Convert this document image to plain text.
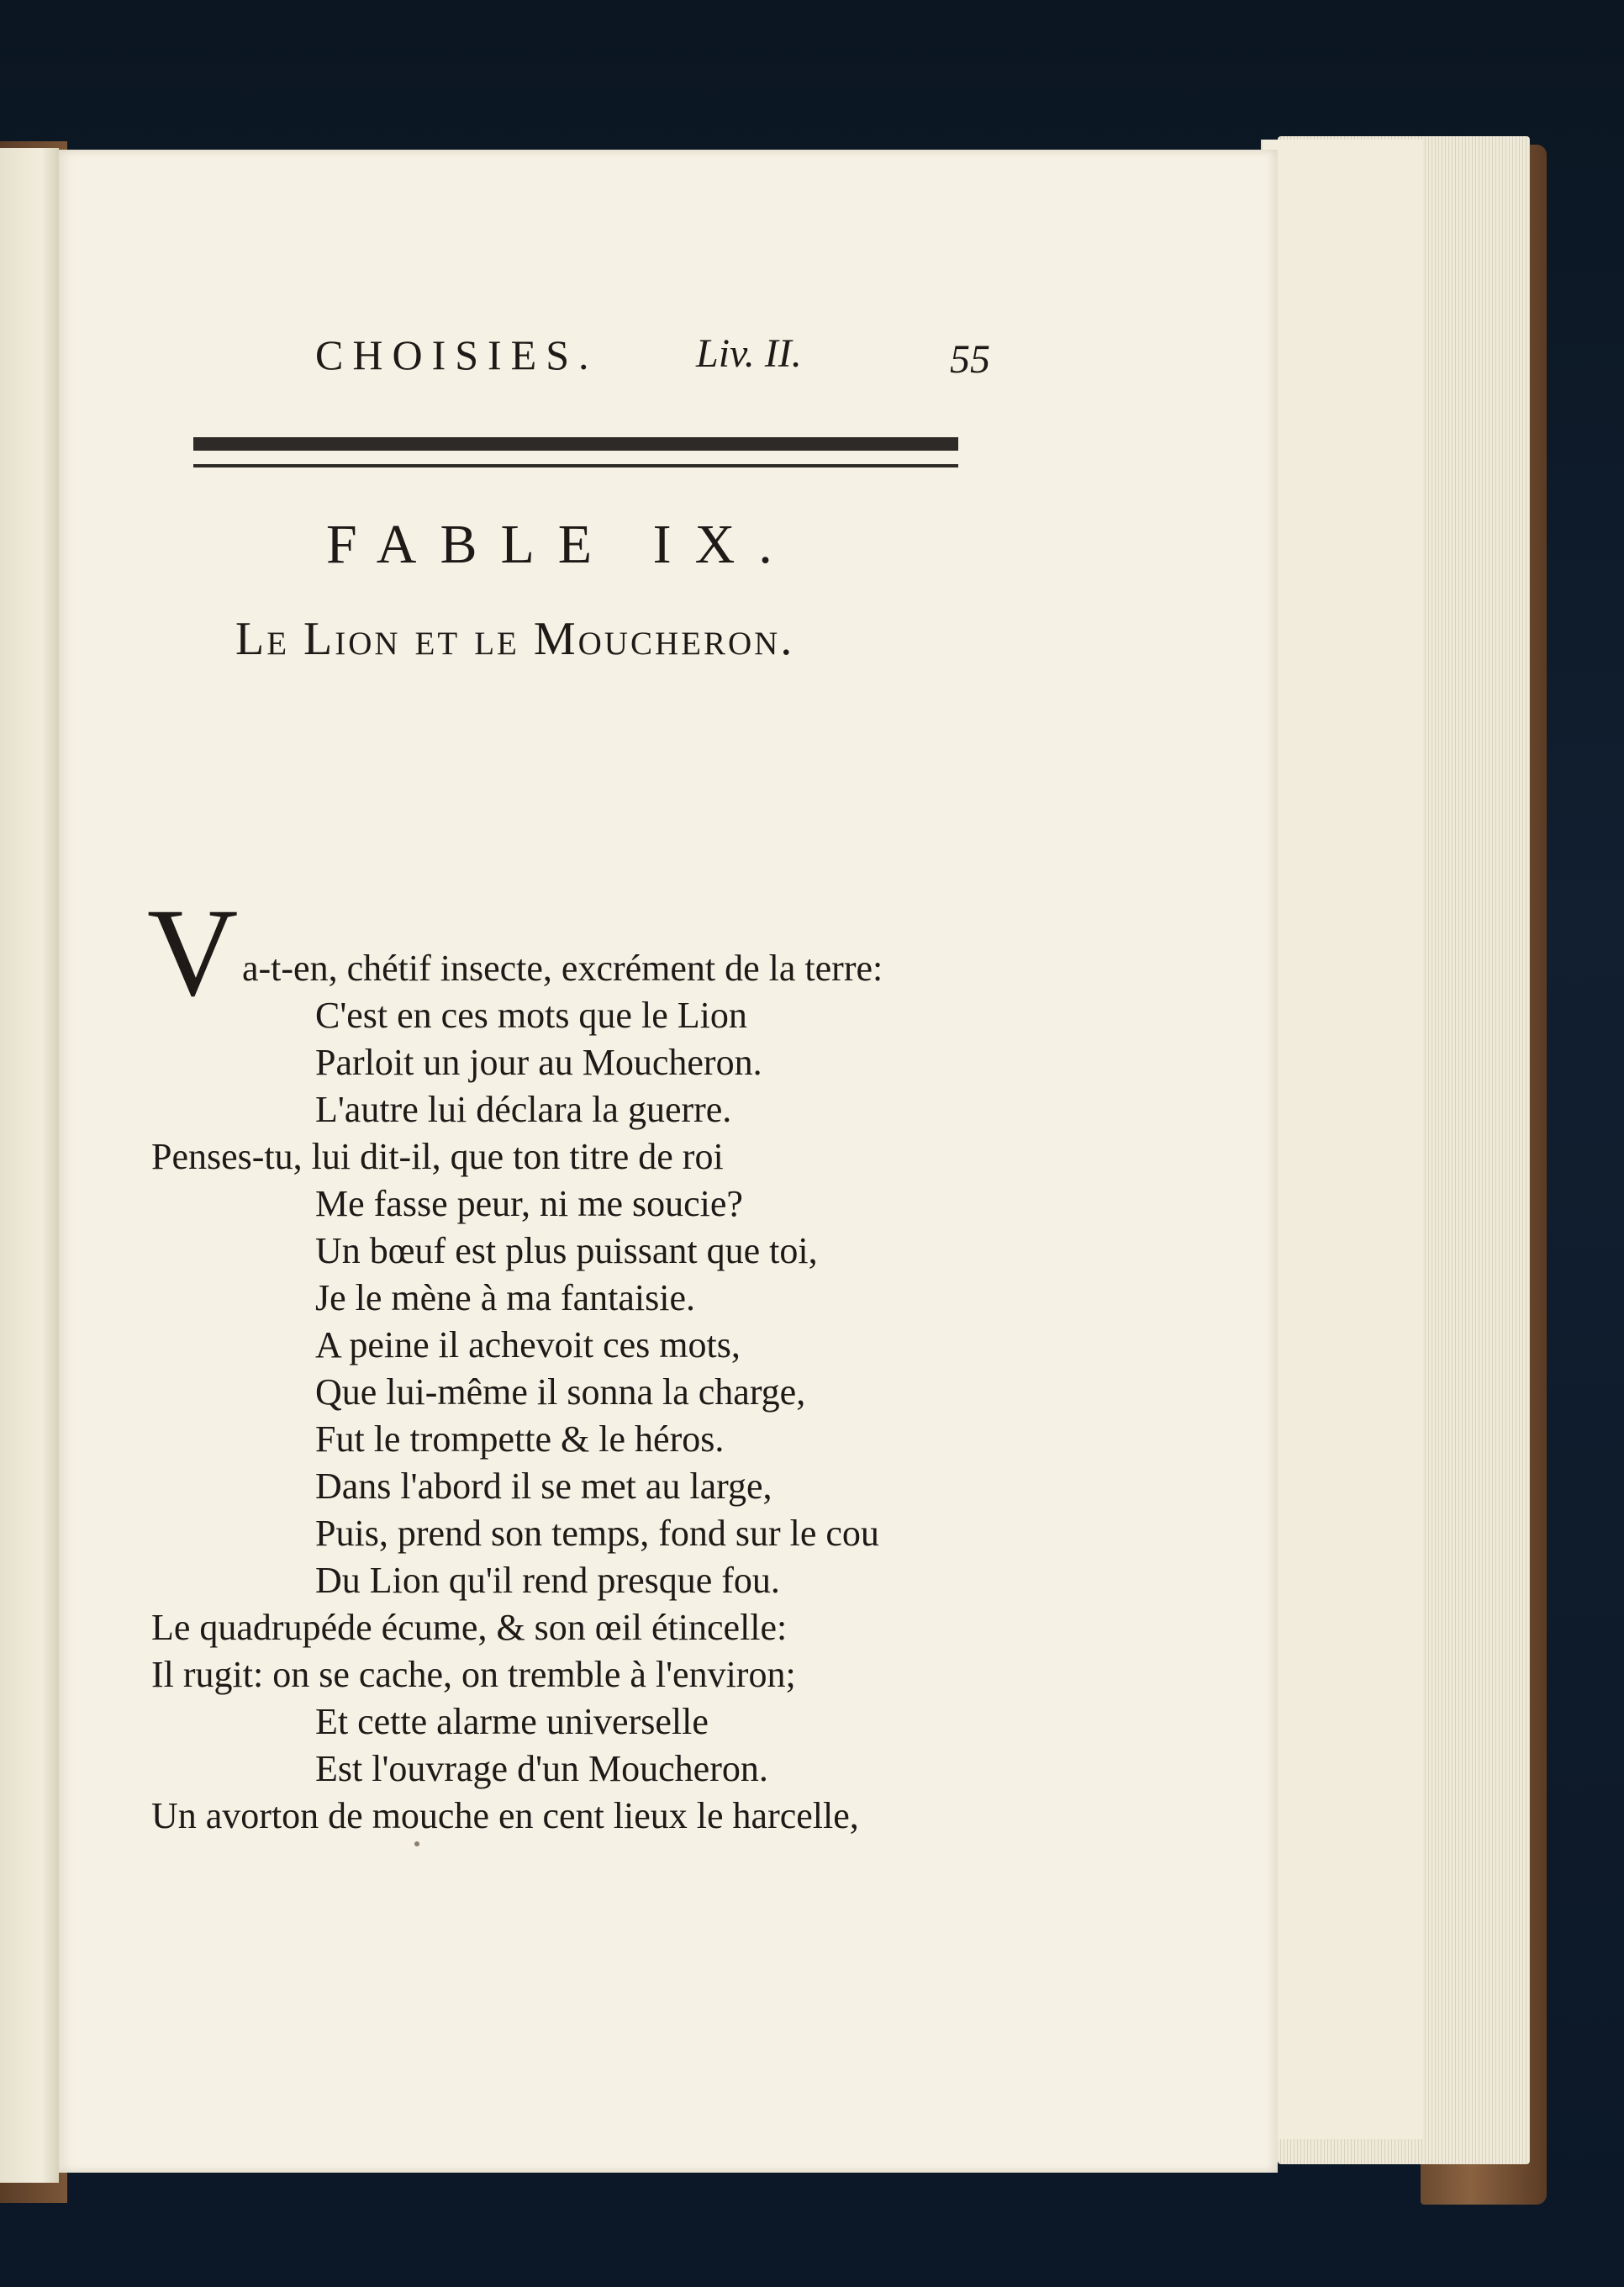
CHOISIES. Liv. II.	55
FABLE IX.
Le Lion et le Moucheron.
V a-t-en, chétif insecte, excrément de la terre:
C'est en ces mots que le Lion
Parloit un jour au Moucheron.
L'autre lui déclara la guerre.
Penses-tu, lui dit-il, que ton titre de roi
Me fasse peur, ni me soucie?
Un bœuf est plus puissant que toi,
Je le mène à ma fantaisie.
A peine il achevoit ces mots,
Que lui-même il sonna la charge,
Fut le trompette & le héros.
Dans l'abord il se met au large,
Puis, prend son temps, fond sur le cou
Du Lion qu'il rend presque fou.
Le quadrupéde écume, & son œil étincelle:
Il rugit: on se cache, on tremble à l'environ;
Et cette alarme universelle
Est l'ouvrage d'un Moucheron.
Un avorton de mouche en cent lieux le harcelle,
